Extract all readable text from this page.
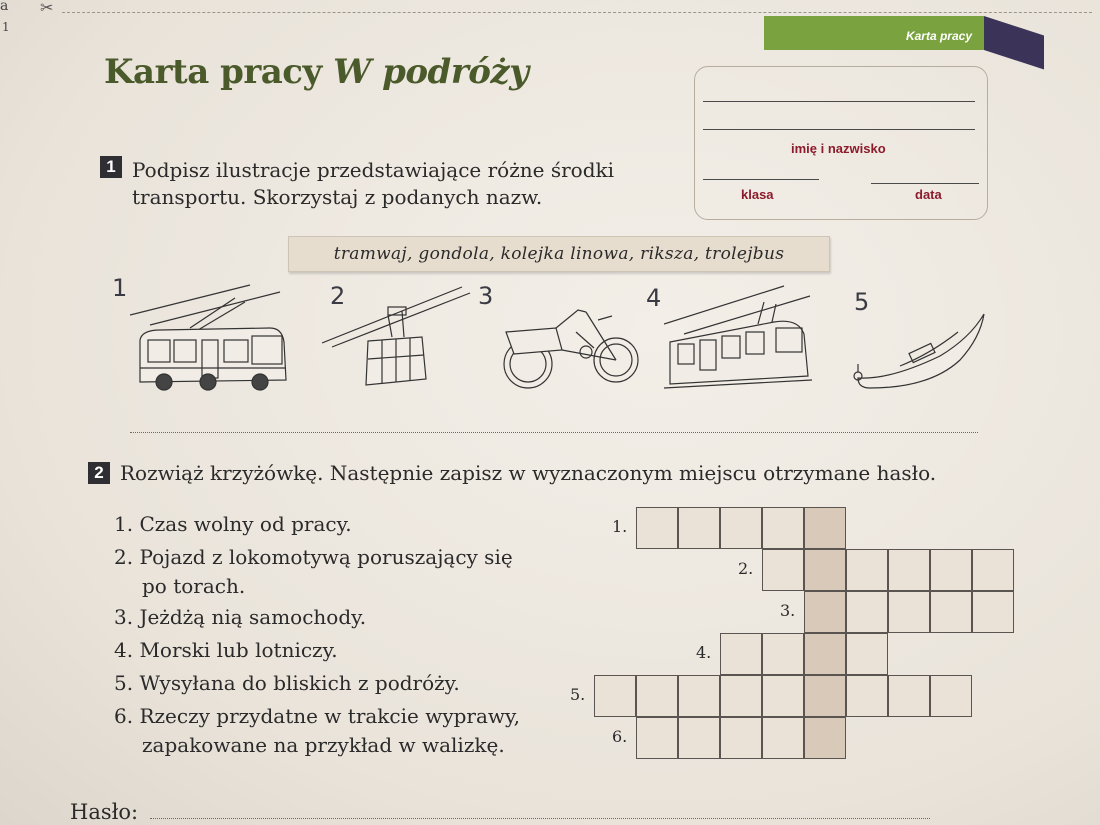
a
1
✂
Karta pracy
Karta pracy W podróży
imię i nazwisko
klasa	data
1 Podpisz ilustracje przedstawiające różne środki
transportu. Skorzystaj z podanych nazw.
tramwaj, gondola, kolejka linowa, riksza, trolejbus
1	2	3	4	5
2 Rozwiąż krzyżówkę. Następnie zapisz w wyznaczonym miejscu otrzymane hasło.
1. Czas wolny od pracy.
2. Pojazd z lokomotywą poruszający się
po torach.
3. Jeżdżą nią samochody.
4. Morski lub lotniczy.
5. Wysyłana do bliskich z podróży.
6. Rzeczy przydatne w trakcie wyprawy,
zapakowane na przykład w walizkę.
1.
2.
3.
4.
5.
6.
Hasło:
